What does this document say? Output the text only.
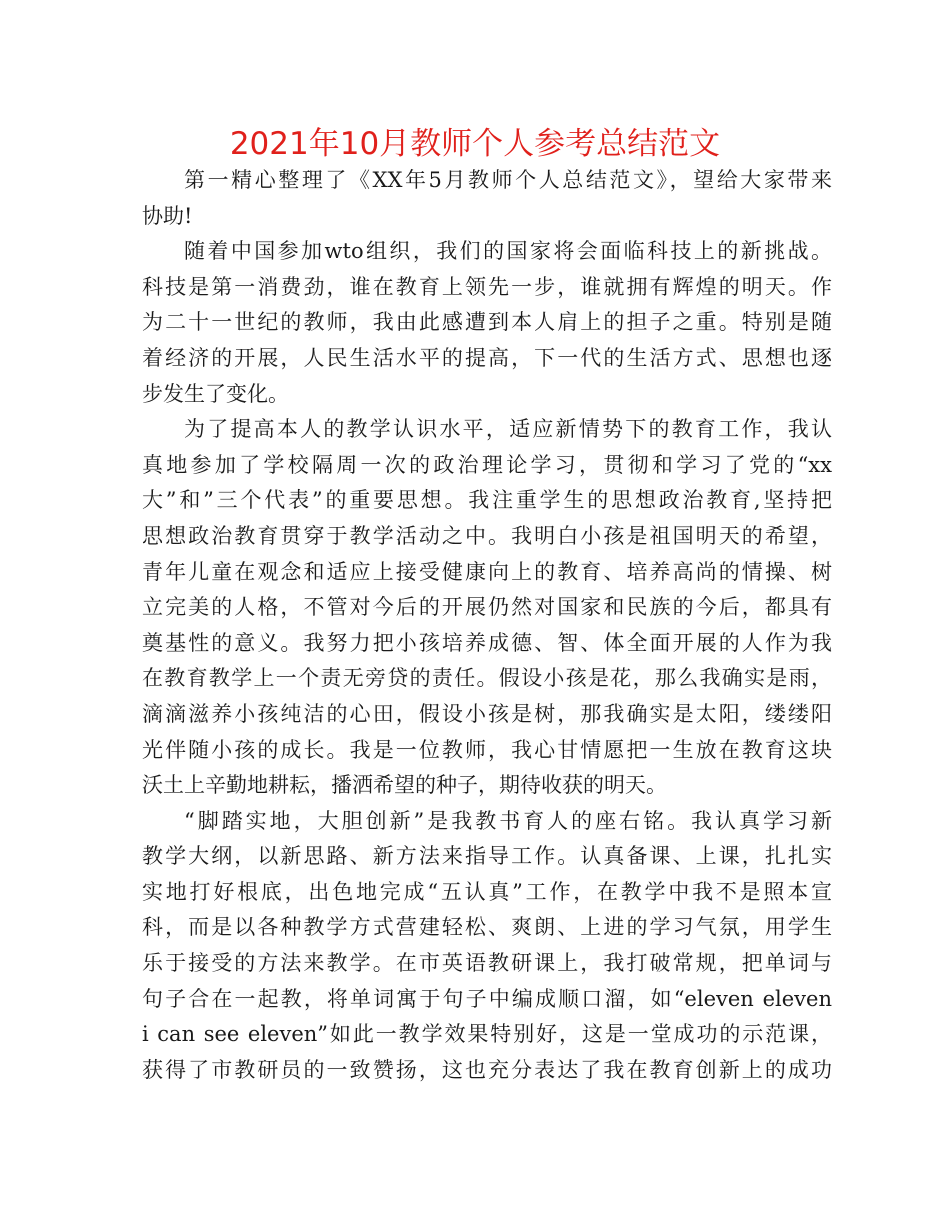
2021年10月教师个人参考总结范文
第一精心整理了《XX年5月教师个人总结范文》，望给大家带来
协助!
随着中国参加wto组织，我们的国家将会面临科技上的新挑战。
科技是第一消费劲，谁在教育上领先一步，谁就拥有辉煌的明天。作
为二十一世纪的教师，我由此感遭到本人肩上的担子之重。特别是随
着经济的开展，人民生活水平的提高，下一代的生活方式、思想也逐
步发生了变化。
为了提高本人的教学认识水平，适应新情势下的教育工作，我认
真地参加了学校隔周一次的政治理论学习，贯彻和学习了党的“xx
大”和”三个代表”的重要思想。我注重学生的思想政治教育,坚持把
思想政治教育贯穿于教学活动之中。我明白小孩是祖国明天的希望，
青年儿童在观念和适应上接受健康向上的教育、培养高尚的情操、树
立完美的人格，不管对今后的开展仍然对国家和民族的今后，都具有
奠基性的意义。我努力把小孩培养成德、智、体全面开展的人作为我
在教育教学上一个责无旁贷的责任。假设小孩是花，那么我确实是雨，
滴滴滋养小孩纯洁的心田，假设小孩是树，那我确实是太阳，缕缕阳
光伴随小孩的成长。我是一位教师，我心甘情愿把一生放在教育这块
沃土上辛勤地耕耘，播洒希望的种子，期待收获的明天。
“脚踏实地，大胆创新”是我教书育人的座右铭。我认真学习新
教学大纲，以新思路、新方法来指导工作。认真备课、上课，扎扎实
实地打好根底，出色地完成“五认真”工作，在教学中我不是照本宣
科，而是以各种教学方式营建轻松、爽朗、上进的学习气氛，用学生
乐于接受的方法来教学。在市英语教研课上，我打破常规，把单词与
句子合在一起教，将单词寓于句子中编成顺口溜，如“eleven eleven
i can see eleven”如此一教学效果特别好，这是一堂成功的示范课，
获得了市教研员的一致赞扬，这也充分表达了我在教育创新上的成功
